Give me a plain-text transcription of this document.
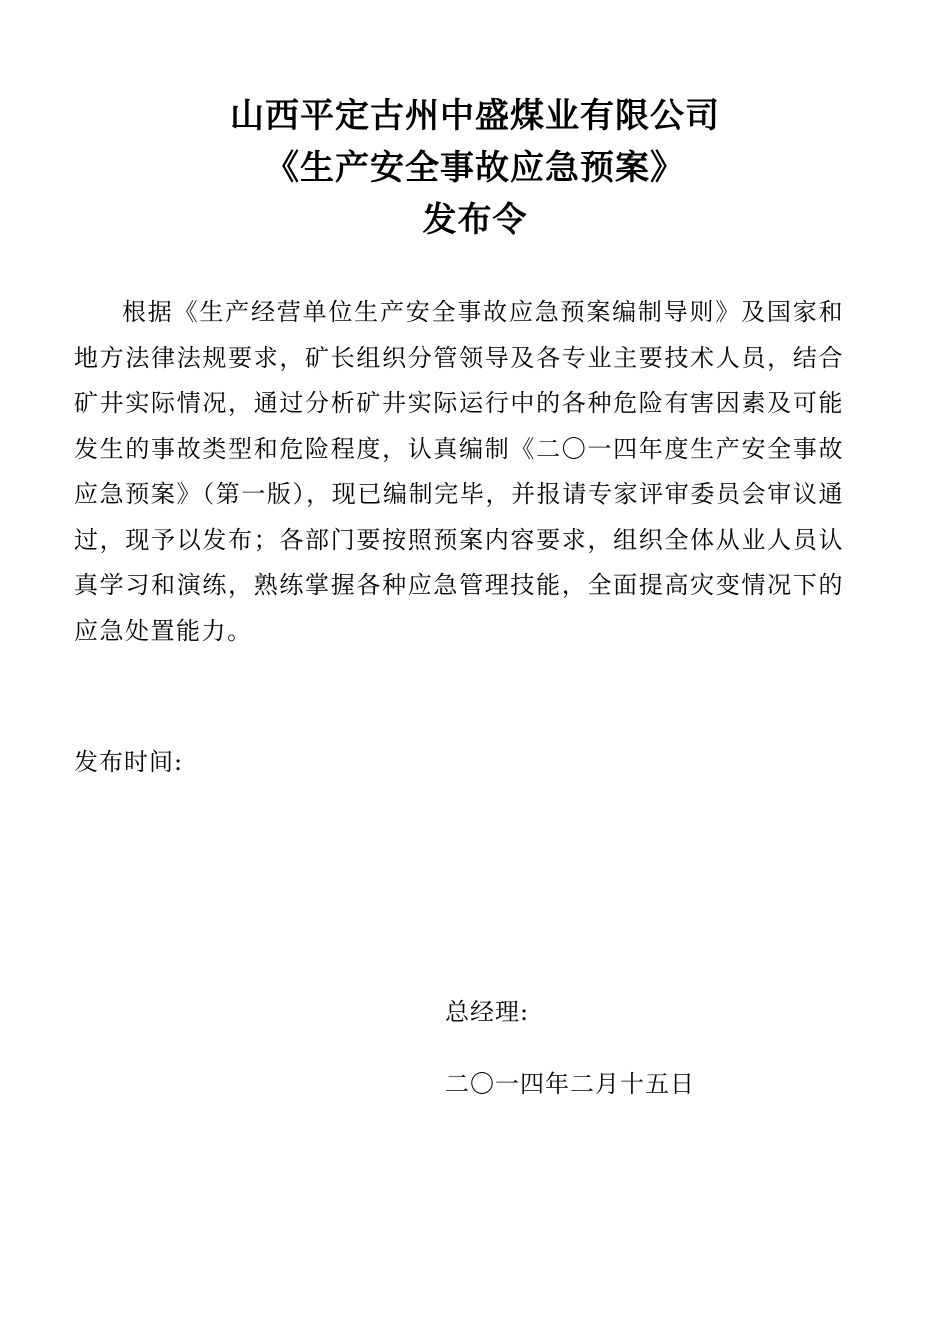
山西平定古州中盛煤业有限公司
《生产安全事故应急预案》
发布令

根据《生产经营单位生产安全事故应急预案编制导则》及国家和地方法律法规要求，矿长组织分管领导及各专业主要技术人员，结合矿井实际情况，通过分析矿井实际运行中的各种危险有害因素及可能发生的事故类型和危险程度，认真编制《二〇一四年度生产安全事故应急预案》（第一版），现已编制完毕，并报请专家评审委员会审议通过，现予以发布；各部门要按照预案内容要求，组织全体从业人员认真学习和演练，熟练掌握各种应急管理技能，全面提高灾变情况下的应急处置能力。

发布时间:
总经理:
二〇一四年二月十五日
